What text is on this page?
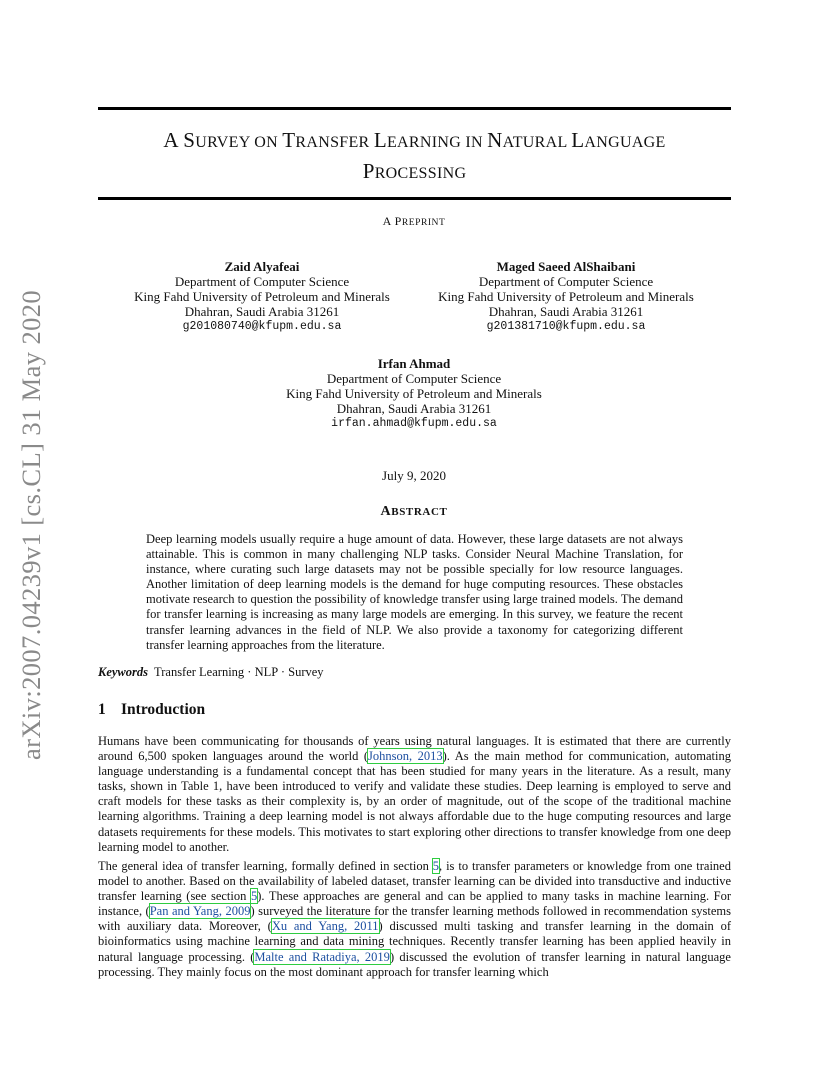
arXiv:2007.04239v1 [cs.CL] 31 May 2020
A SURVEY ON TRANSFER LEARNING IN NATURAL LANGUAGE
PROCESSING
A PREPRINT
Zaid Alyafeai
Department of Computer Science
King Fahd University of Petroleum and Minerals
Dhahran, Saudi Arabia 31261
g201080740@kfupm.edu.sa
Maged Saeed AlShaibani
Department of Computer Science
King Fahd University of Petroleum and Minerals
Dhahran, Saudi Arabia 31261
g201381710@kfupm.edu.sa
Irfan Ahmad
Department of Computer Science
King Fahd University of Petroleum and Minerals
Dhahran, Saudi Arabia 31261
irfan.ahmad@kfupm.edu.sa
July 9, 2020
ABSTRACT
Deep learning models usually require a huge amount of data. However, these large datasets are not always attainable. This is common in many challenging NLP tasks. Consider Neural Machine Translation, for instance, where curating such large datasets may not be possible specially for low resource languages. Another limitation of deep learning models is the demand for huge computing resources. These obstacles motivate research to question the possibility of knowledge transfer using large trained models. The demand for transfer learning is increasing as many large models are emerging. In this survey, we feature the recent transfer learning advances in the field of NLP. We also provide a taxonomy for categorizing different transfer learning approaches from the literature.
Keywords Transfer Learning · NLP · Survey
1 Introduction
Humans have been communicating for thousands of years using natural languages. It is estimated that there are currently around 6,500 spoken languages around the world (Johnson, 2013). As the main method for communication, automating language understanding is a fundamental concept that has been studied for many years in the literature. As a result, many tasks, shown in Table 1, have been introduced to verify and validate these studies. Deep learning is employed to serve and craft models for these tasks as their complexity is, by an order of magnitude, out of the scope of the traditional machine learning algorithms. Training a deep learning model is not always affordable due to the huge computing resources and large datasets requirements for these models. This motivates to start exploring other directions to transfer knowledge from one deep learning model to another.
The general idea of transfer learning, formally defined in section 5, is to transfer parameters or knowledge from one trained model to another. Based on the availability of labeled dataset, transfer learning can be divided into transductive and inductive transfer learning (see section 5). These approaches are general and can be applied to many tasks in machine learning. For instance, (Pan and Yang, 2009) surveyed the literature for the transfer learning methods followed in recommendation systems with auxiliary data. Moreover, (Xu and Yang, 2011) discussed multi tasking and transfer learning in the domain of bioinformatics using machine learning and data mining techniques. Recently transfer learning has been applied heavily in natural language processing. (Malte and Ratadiya, 2019) discussed the evolution of transfer learning in natural language processing. They mainly focus on the most dominant approach for transfer learning which
